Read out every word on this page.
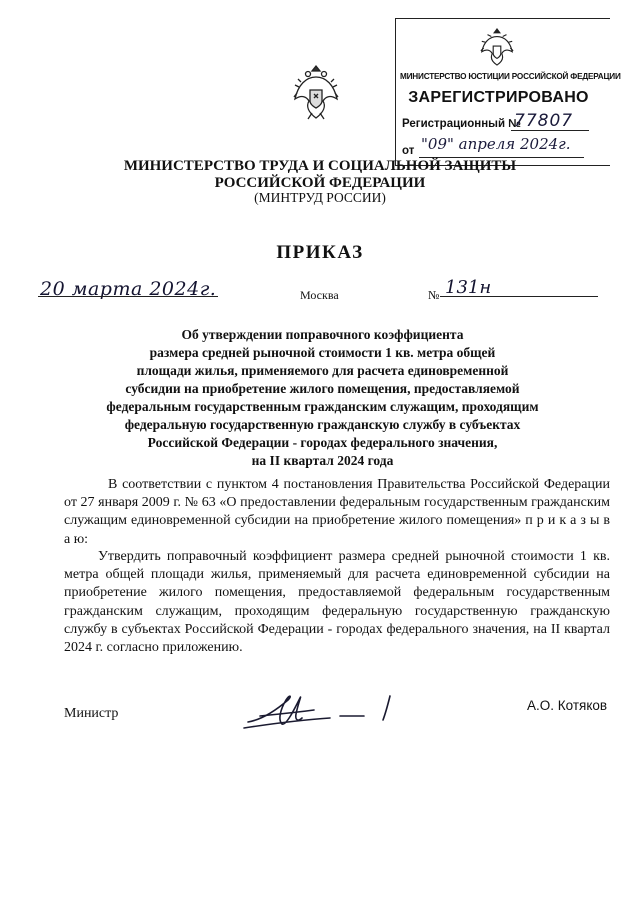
МИНИСТЕРСТВО ЮСТИЦИИ РОССИЙСКОЙ ФЕДЕРАЦИИ
ЗАРЕГИСТРИРОВАНО
Регистрационный №
77807
от "09" апреля 2024г.
МИНИСТЕРСТВО ТРУДА И СОЦИАЛЬНОЙ ЗАЩИТЫ
РОССИЙСКОЙ ФЕДЕРАЦИИ
(МИНТРУД РОССИИ)
ПРИКАЗ
20 марта 2024г.	Москва	№ 131н
Об утверждении поправочного коэффициента
размера средней рыночной стоимости 1 кв. метра общей
площади жилья, применяемого для расчета единовременной
субсидии на приобретение жилого помещения, предоставляемой
федеральным государственным гражданским служащим, проходящим
федеральную государственную гражданскую службу в субъектах
Российской Федерации - городах федерального значения,
на II квартал 2024 года

В соответствии с пунктом 4 постановления Правительства Российской Федерации от 27 января 2009 г. № 63 «О предоставлении федеральным государственным гражданским служащим единовременной субсидии на приобретение жилого помещения» п р и к а з ы в а ю:

Утвердить поправочный коэффициент размера средней рыночной стоимости 1 кв. метра общей площади жилья, применяемый для расчета единовременной субсидии на приобретение жилого помещения, предоставляемой федеральным государственным гражданским служащим, проходящим федеральную государственную гражданскую службу в субъектах Российской Федерации - городах федерального значения, на II квартал 2024 г. согласно приложению.

Министр
А.О. Котяков
